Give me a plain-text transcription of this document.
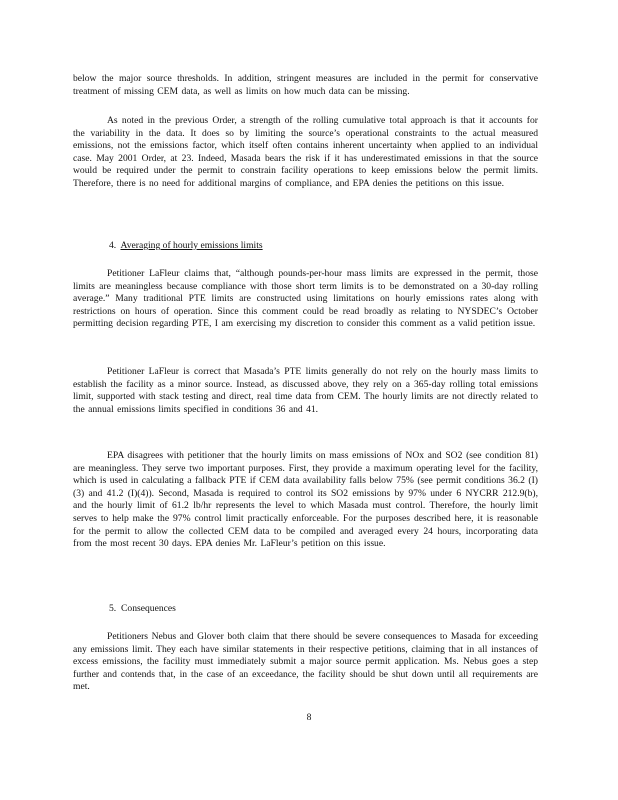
below the major source thresholds. In addition, stringent measures are included in the permit for conservative treatment of missing CEM data, as well as limits on how much data can be missing.

As noted in the previous Order, a strength of the rolling cumulative total approach is that it accounts for the variability in the data. It does so by limiting the source’s operational constraints to the actual measured emissions, not the emissions factor, which itself often contains inherent uncertainty when applied to an individual case. May 2001 Order, at 23. Indeed, Masada bears the risk if it has underestimated emissions in that the source would be required under the permit to constrain facility operations to keep emissions below the permit limits. Therefore, there is no need for additional margins of compliance, and EPA denies the petitions on this issue.

4. Averaging of hourly emissions limits

Petitioner LaFleur claims that, “although pounds-per-hour mass limits are expressed in the permit, those limits are meaningless because compliance with those short term limits is to be demonstrated on a 30-day rolling average.” Many traditional PTE limits are constructed using limitations on hourly emissions rates along with restrictions on hours of operation. Since this comment could be read broadly as relating to NYSDEC’s October permitting decision regarding PTE, I am exercising my discretion to consider this comment as a valid petition issue.

Petitioner LaFleur is correct that Masada’s PTE limits generally do not rely on the hourly mass limits to establish the facility as a minor source. Instead, as discussed above, they rely on a 365-day rolling total emissions limit, supported with stack testing and direct, real time data from CEM. The hourly limits are not directly related to the annual emissions limits specified in conditions 36 and 41.

EPA disagrees with petitioner that the hourly limits on mass emissions of NOx and SO2 (see condition 81) are meaningless. They serve two important purposes. First, they provide a maximum operating level for the facility, which is used in calculating a fallback PTE if CEM data availability falls below 75% (see permit conditions 36.2 (I)(3) and 41.2 (I)(4)). Second, Masada is required to control its SO2 emissions by 97% under 6 NYCRR 212.9(b), and the hourly limit of 61.2 lb/hr represents the level to which Masada must control. Therefore, the hourly limit serves to help make the 97% control limit practically enforceable. For the purposes described here, it is reasonable for the permit to allow the collected CEM data to be compiled and averaged every 24 hours, incorporating data from the most recent 30 days. EPA denies Mr. LaFleur’s petition on this issue.

5. Consequences

Petitioners Nebus and Glover both claim that there should be severe consequences to Masada for exceeding any emissions limit. They each have similar statements in their respective petitions, claiming that in all instances of excess emissions, the facility must immediately submit a major source permit application. Ms. Nebus goes a step further and contends that, in the case of an exceedance, the facility should be shut down until all requirements are met.

8
